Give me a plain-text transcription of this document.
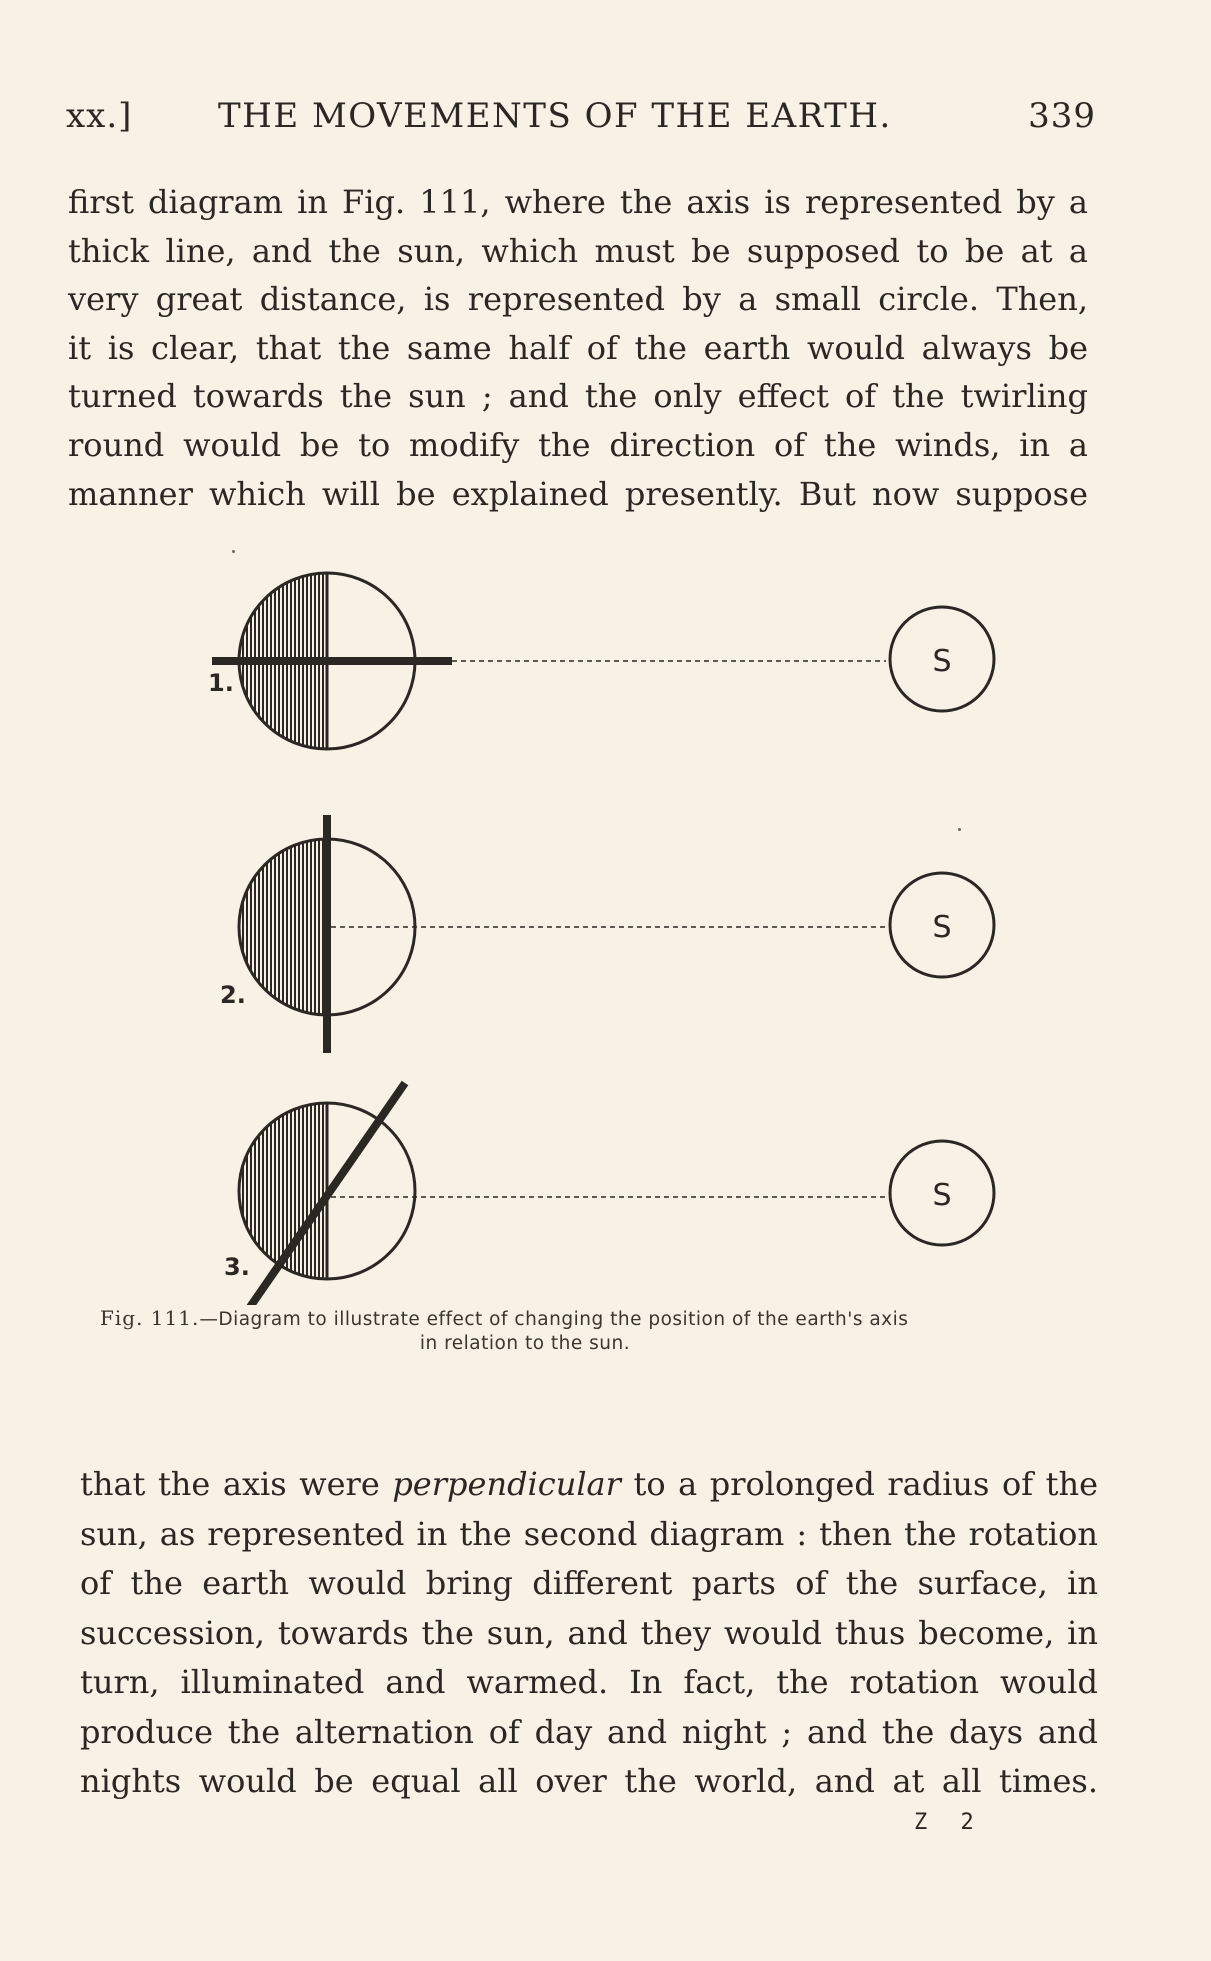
xx.]	THE MOVEMENTS OF THE EARTH.	339
first diagram in Fig. 111, where the axis is represented by a
thick line, and the sun, which must be supposed to be at a
very great distance, is represented by a small circle. Then,
it is clear, that the same half of the earth would always be
turned towards the sun ; and the only effect of the twirling
round would be to modify the direction of the winds, in a
manner which will be explained presently. But now suppose
S
1.
S
2.
S
3.
Fig. 111.—Diagram to illustrate effect of changing the position of the earth's axis
in relation to the sun.
that the axis were perpendicular to a prolonged radius of the
sun, as represented in the second diagram : then the rotation
of the earth would bring different parts of the surface, in
succession, towards the sun, and they would thus become, in
turn, illuminated and warmed. In fact, the rotation would
produce the alternation of day and night ; and the days and
nights would be equal all over the world, and at all times.
Z 2
